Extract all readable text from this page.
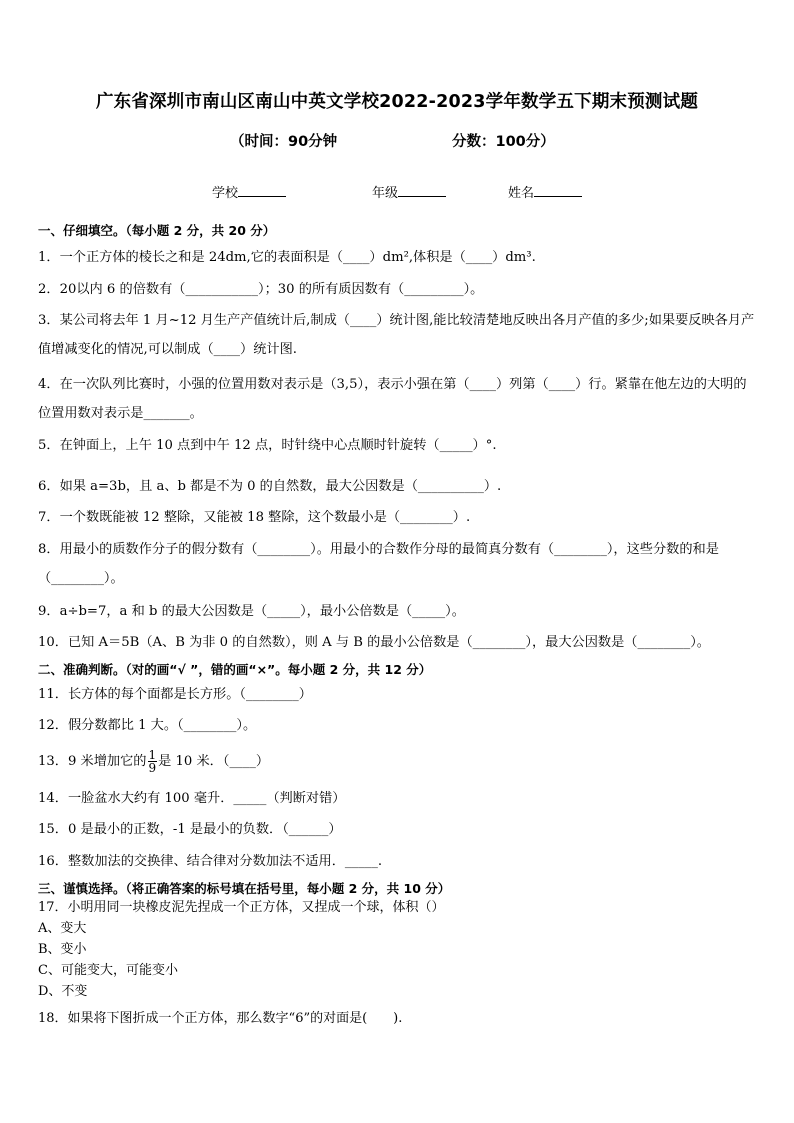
广东省深圳市南山区南山中英文学校2022-2023学年数学五下期末预测试题
（时间：90分钟	分数：100分）
学校	年级	姓名
一、仔细填空。（每小题 2 分，共 20 分）
1．一个正方体的棱长之和是 24dm,它的表面积是（____）dm²,体积是（____）dm³.
2．20以内 6 的倍数有（___________）；30 的所有质因数有（_________）。
3．某公司将去年 1 月~12 月生产产值统计后,制成（____）统计图,能比较清楚地反映出各月产值的多少;如果要反映各月产值增减变化的情况,可以制成（____）统计图.
4．在一次队列比赛时，小强的位置用数对表示是（3,5），表示小强在第（____）列第（____）行。紧靠在他左边的大明的位置用数对表示是_______。
5．在钟面上，上午 10 点到中午 12 点，时针绕中心点顺时针旋转（_____）°.
6．如果 a=3b，且 a、b 都是不为 0 的自然数，最大公因数是（__________）.
7．一个数既能被 12 整除，又能被 18 整除，这个数最小是（________）.
8．用最小的质数作分子的假分数有（________）。用最小的合数作分母的最简真分数有（________），这些分数的和是（________）。
9．a÷b=7，a 和 b 的最大公因数是（_____），最小公倍数是（_____）。
10．已知 A＝5B（A、B 为非 0 的自然数），则 A 与 B 的最小公倍数是（________），最大公因数是（________）。
二、准确判断。（对的画“√ ”，错的画“×”。每小题 2 分，共 12 分）
11．长方体的每个面都是长方形。（________）
12．假分数都比 1 大。（________）。
13．9 米增加它的 $\frac{1}{9}$ 是 10 米．（____）
14．一脸盆水大约有 100 毫升．_____（判断对错）
15．0 是最小的正数，-1 是最小的负数．（______）
16．整数加法的交换律、结合律对分数加法不适用．_____.
三、谨慎选择。（将正确答案的标号填在括号里，每小题 2 分，共 10 分）
17．小明用同一块橡皮泥先捏成一个正方体，又捏成一个球，体积（）
A、变大
B、变小
C、可能变大，可能变小
D、不变
18．如果将下图折成一个正方体，那么数字“6”的对面是(　　).
